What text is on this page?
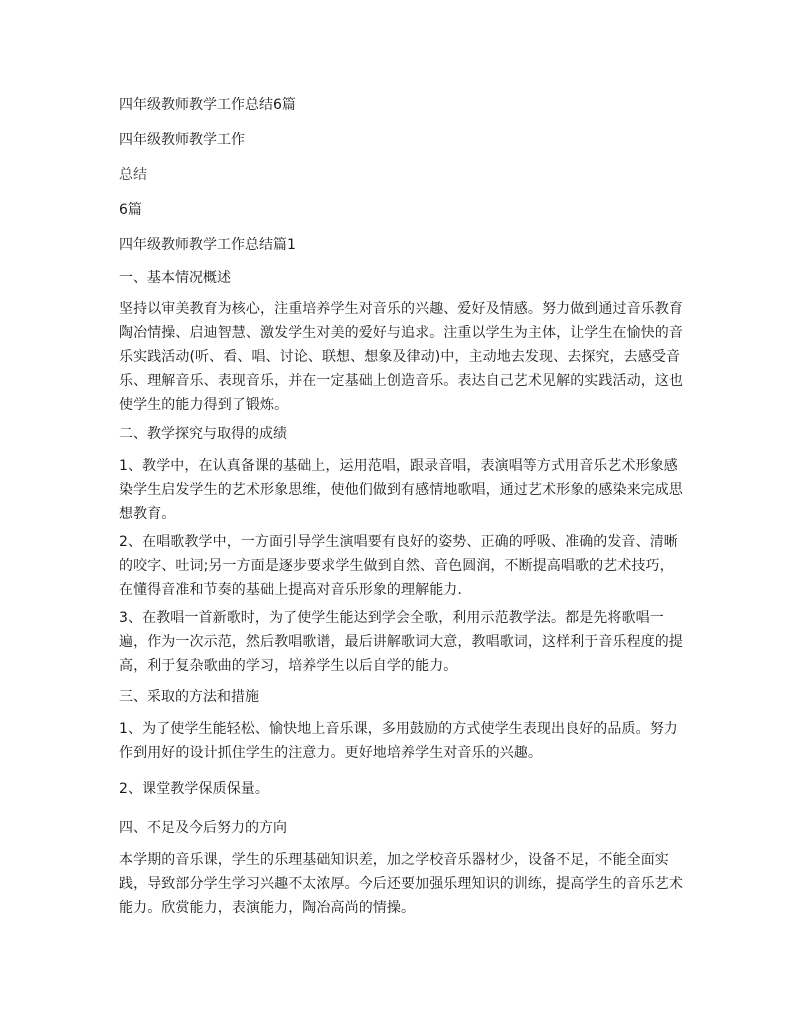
四年级教师教学工作总结6篇
四年级教师教学工作
总结
6篇
四年级教师教学工作总结篇1
一、基本情况概述
坚持以审美教育为核心，注重培养学生对音乐的兴趣、爱好及情感。努力做到通过音乐教育陶冶情操、启迪智慧、激发学生对美的爱好与追求。注重以学生为主体，让学生在愉快的音乐实践活动(听、看、唱、讨论、联想、想象及律动)中，主动地去发现、去探究，去感受音乐、理解音乐、表现音乐，并在一定基础上创造音乐。表达自己艺术见解的实践活动，这也使学生的能力得到了锻炼。
二、教学探究与取得的成绩
1、教学中，在认真备课的基础上，运用范唱，跟录音唱，表演唱等方式用音乐艺术形象感染学生启发学生的艺术形象思维，使他们做到有感情地歌唱，通过艺术形象的感染来完成思想教育。
2、在唱歌教学中，一方面引导学生演唱要有良好的姿势、正确的呼吸、准确的发音、清晰的咬字、吐词;另一方面是逐步要求学生做到自然、音色圆润，不断提高唱歌的艺术技巧，在懂得音准和节奏的基础上提高对音乐形象的理解能力.
3、在教唱一首新歌时，为了使学生能达到学会全歌，利用示范教学法。都是先将歌唱一遍，作为一次示范，然后教唱歌谱，最后讲解歌词大意，教唱歌词，这样利于音乐程度的提高，利于复杂歌曲的学习，培养学生以后自学的能力。
三、采取的方法和措施
1、为了使学生能轻松、愉快地上音乐课，多用鼓励的方式使学生表现出良好的品质。努力作到用好的设计抓住学生的注意力。更好地培养学生对音乐的兴趣。
2、课堂教学保质保量。
四、不足及今后努力的方向
本学期的音乐课，学生的乐理基础知识差，加之学校音乐器材少，设备不足，不能全面实践，导致部分学生学习兴趣不太浓厚。今后还要加强乐理知识的训练，提高学生的音乐艺术能力。欣赏能力，表演能力，陶冶高尚的情操。
